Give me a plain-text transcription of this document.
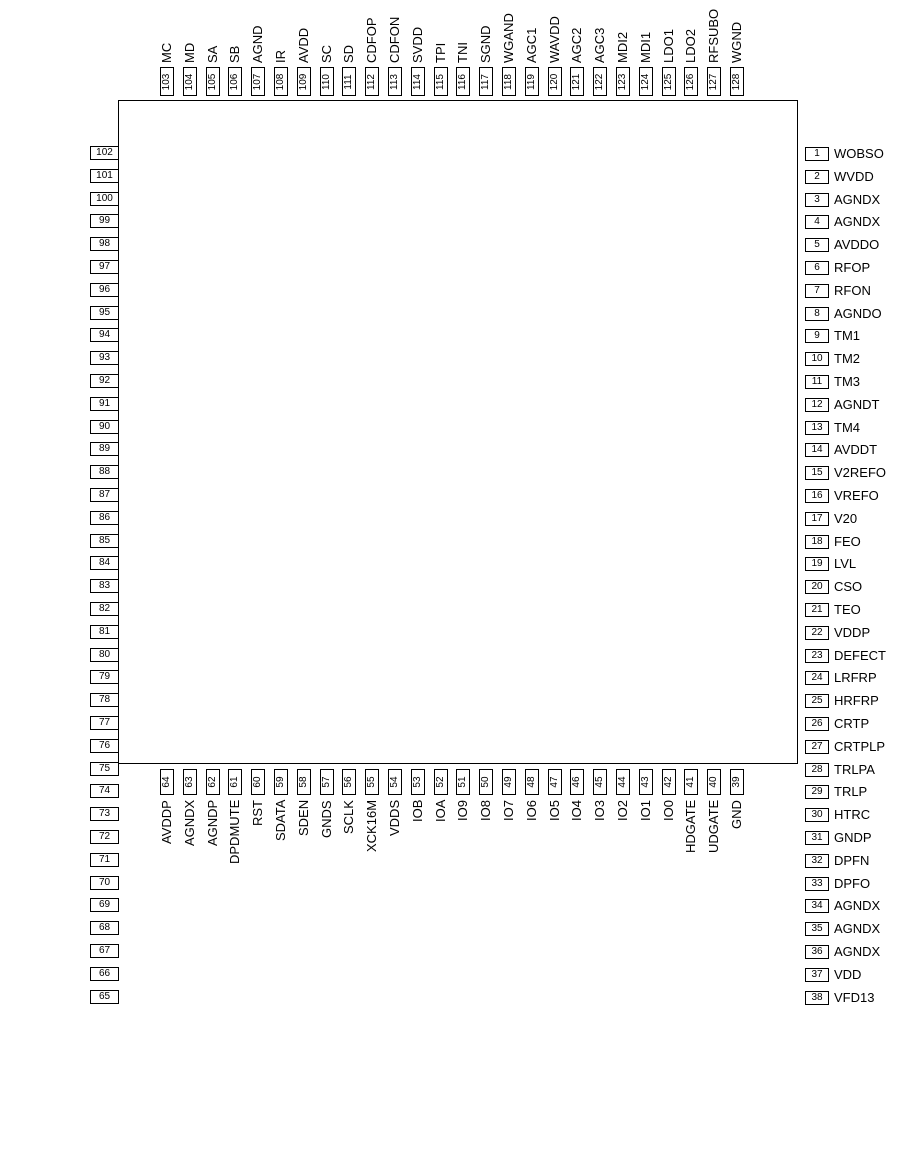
102
101
100
99
98
97
96
95
94
93
92
91
90
89
88
87
86
85
84
83
82
81
80
79
78
77
76
75
74
73
72
71
70
69
68
67
66
65
1	WOBSO
2	WVDD
3	AGNDX
4	AGNDX
5	AVDDO
6	RFOP
7	RFON
8	AGNDO
9	TM1
10 TM2
11 TM3
12 AGNDT
13 TM4
14 AVDDT
15 V2REFO
16 VREFO
17 V20
18 FEO
19 LVL
20 CSO
21 TEO
22 VDDP
23 DEFECT
24 LRFRP
25 HRFRP
26 CRTP
27 CRTPLP
28 TRLPA
29 TRLP
30 HTRC
31 GNDP
32 DPFN
33 DPFO
34 AGNDX
35 AGNDX
36 AGNDX
37 VDD
38 VFD13
103
MC
104
MD
105
SA
106
SB
107
AGND
108
IR
109
AVDD
110
SC
111
SD
112
CDFOP
113
CDFON
114
SVDD
115
TPI
116
TNI
117
SGND
118
WGAND
119
AGC1
120
WAVDD
121
AGC2
122
AGC3
123
MDI2
124
MDI1
125
LDO1
126
LDO2
127
RFSUBO
128
WGND
64
AVDDP
63
AGNDX
62
AGNDP
61
DPDMUTE
60
RST
59
SDATA
58
SDEN
57
GNDS
56
SCLK
55
XCK16M
54
VDDS
53
IOB
52
IOA
51
IO9
50
IO8
49
IO7
48
IO6
47
IO5
46
IO4
45
IO3
44
IO2
43
IO1
42
IO0
41
HDGATE
40
UDGATE
39
GND
